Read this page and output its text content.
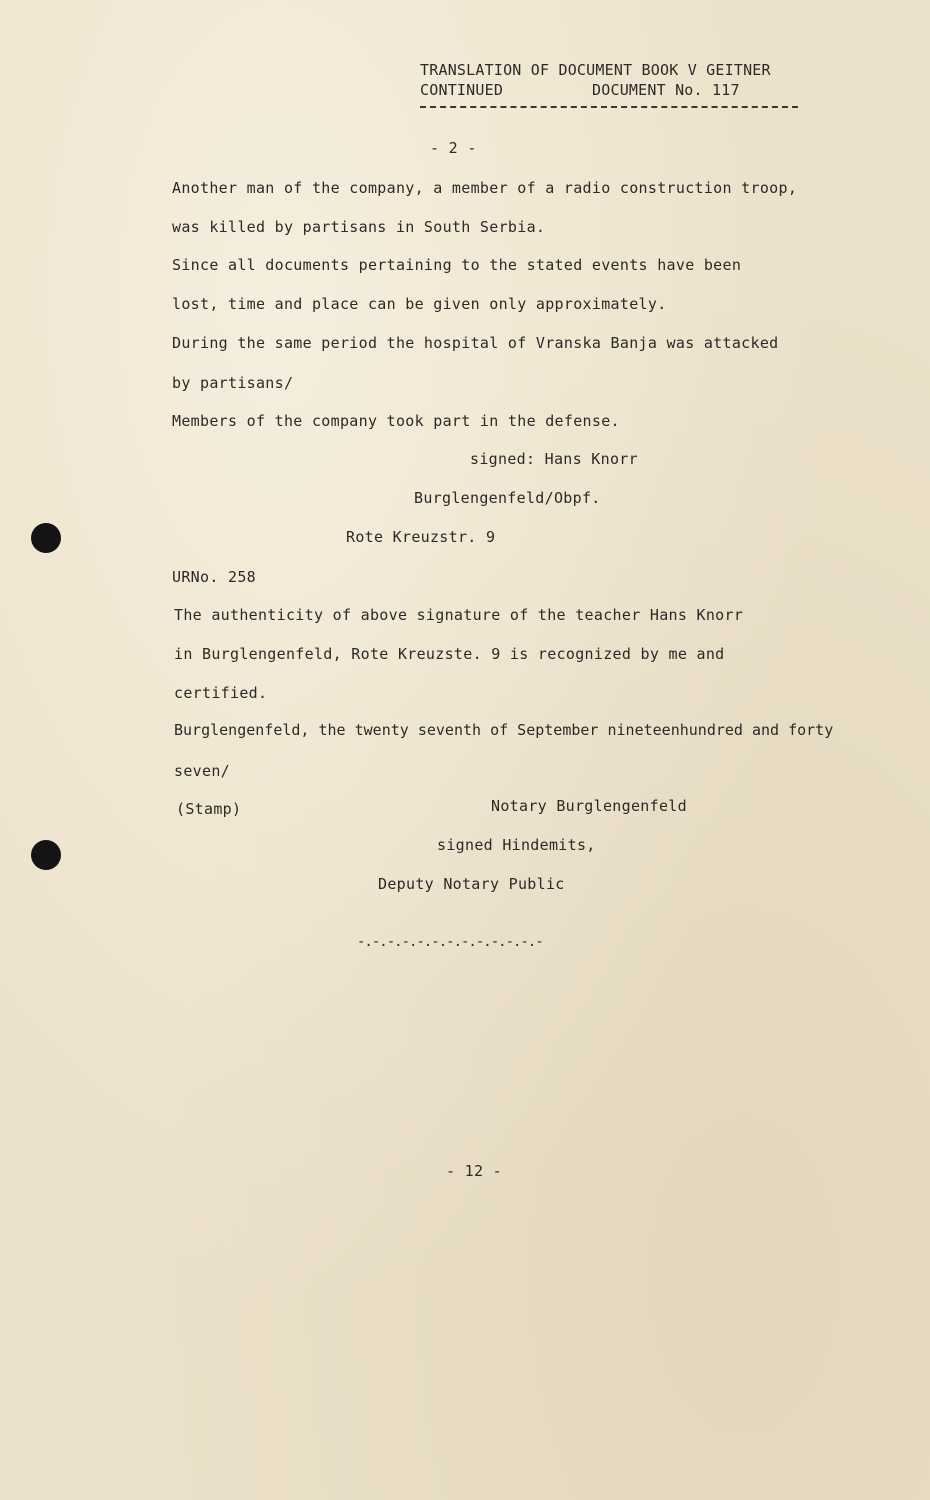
TRANSLATION OF DOCUMENT BOOK V GEITNER
CONTINUED	DOCUMENT No. 117
- 2 -
Another man of the company, a member of a radio construction troop,
was killed by partisans in South Serbia.
Since all documents pertaining to the stated events have been
lost, time and place can be given only approximately.
During the same period the hospital of Vranska Banja was attacked
by partisans/
Members of the company took part in the defense.
signed: Hans Knorr
Burglengenfeld/Obpf.
Rote Kreuzstr. 9
URNo. 258
The authenticity of above signature of the teacher Hans Knorr
in Burglengenfeld, Rote Kreuzste. 9 is recognized by me and
certified.
Burglengenfeld, the twenty seventh of September nineteenhundred and forty
seven/
(Stamp)	Notary Burglengenfeld
signed Hindemits,
Deputy Notary Public
-.-.-.-.-.-.-.-.-.-.-.-.-
- 12 -
